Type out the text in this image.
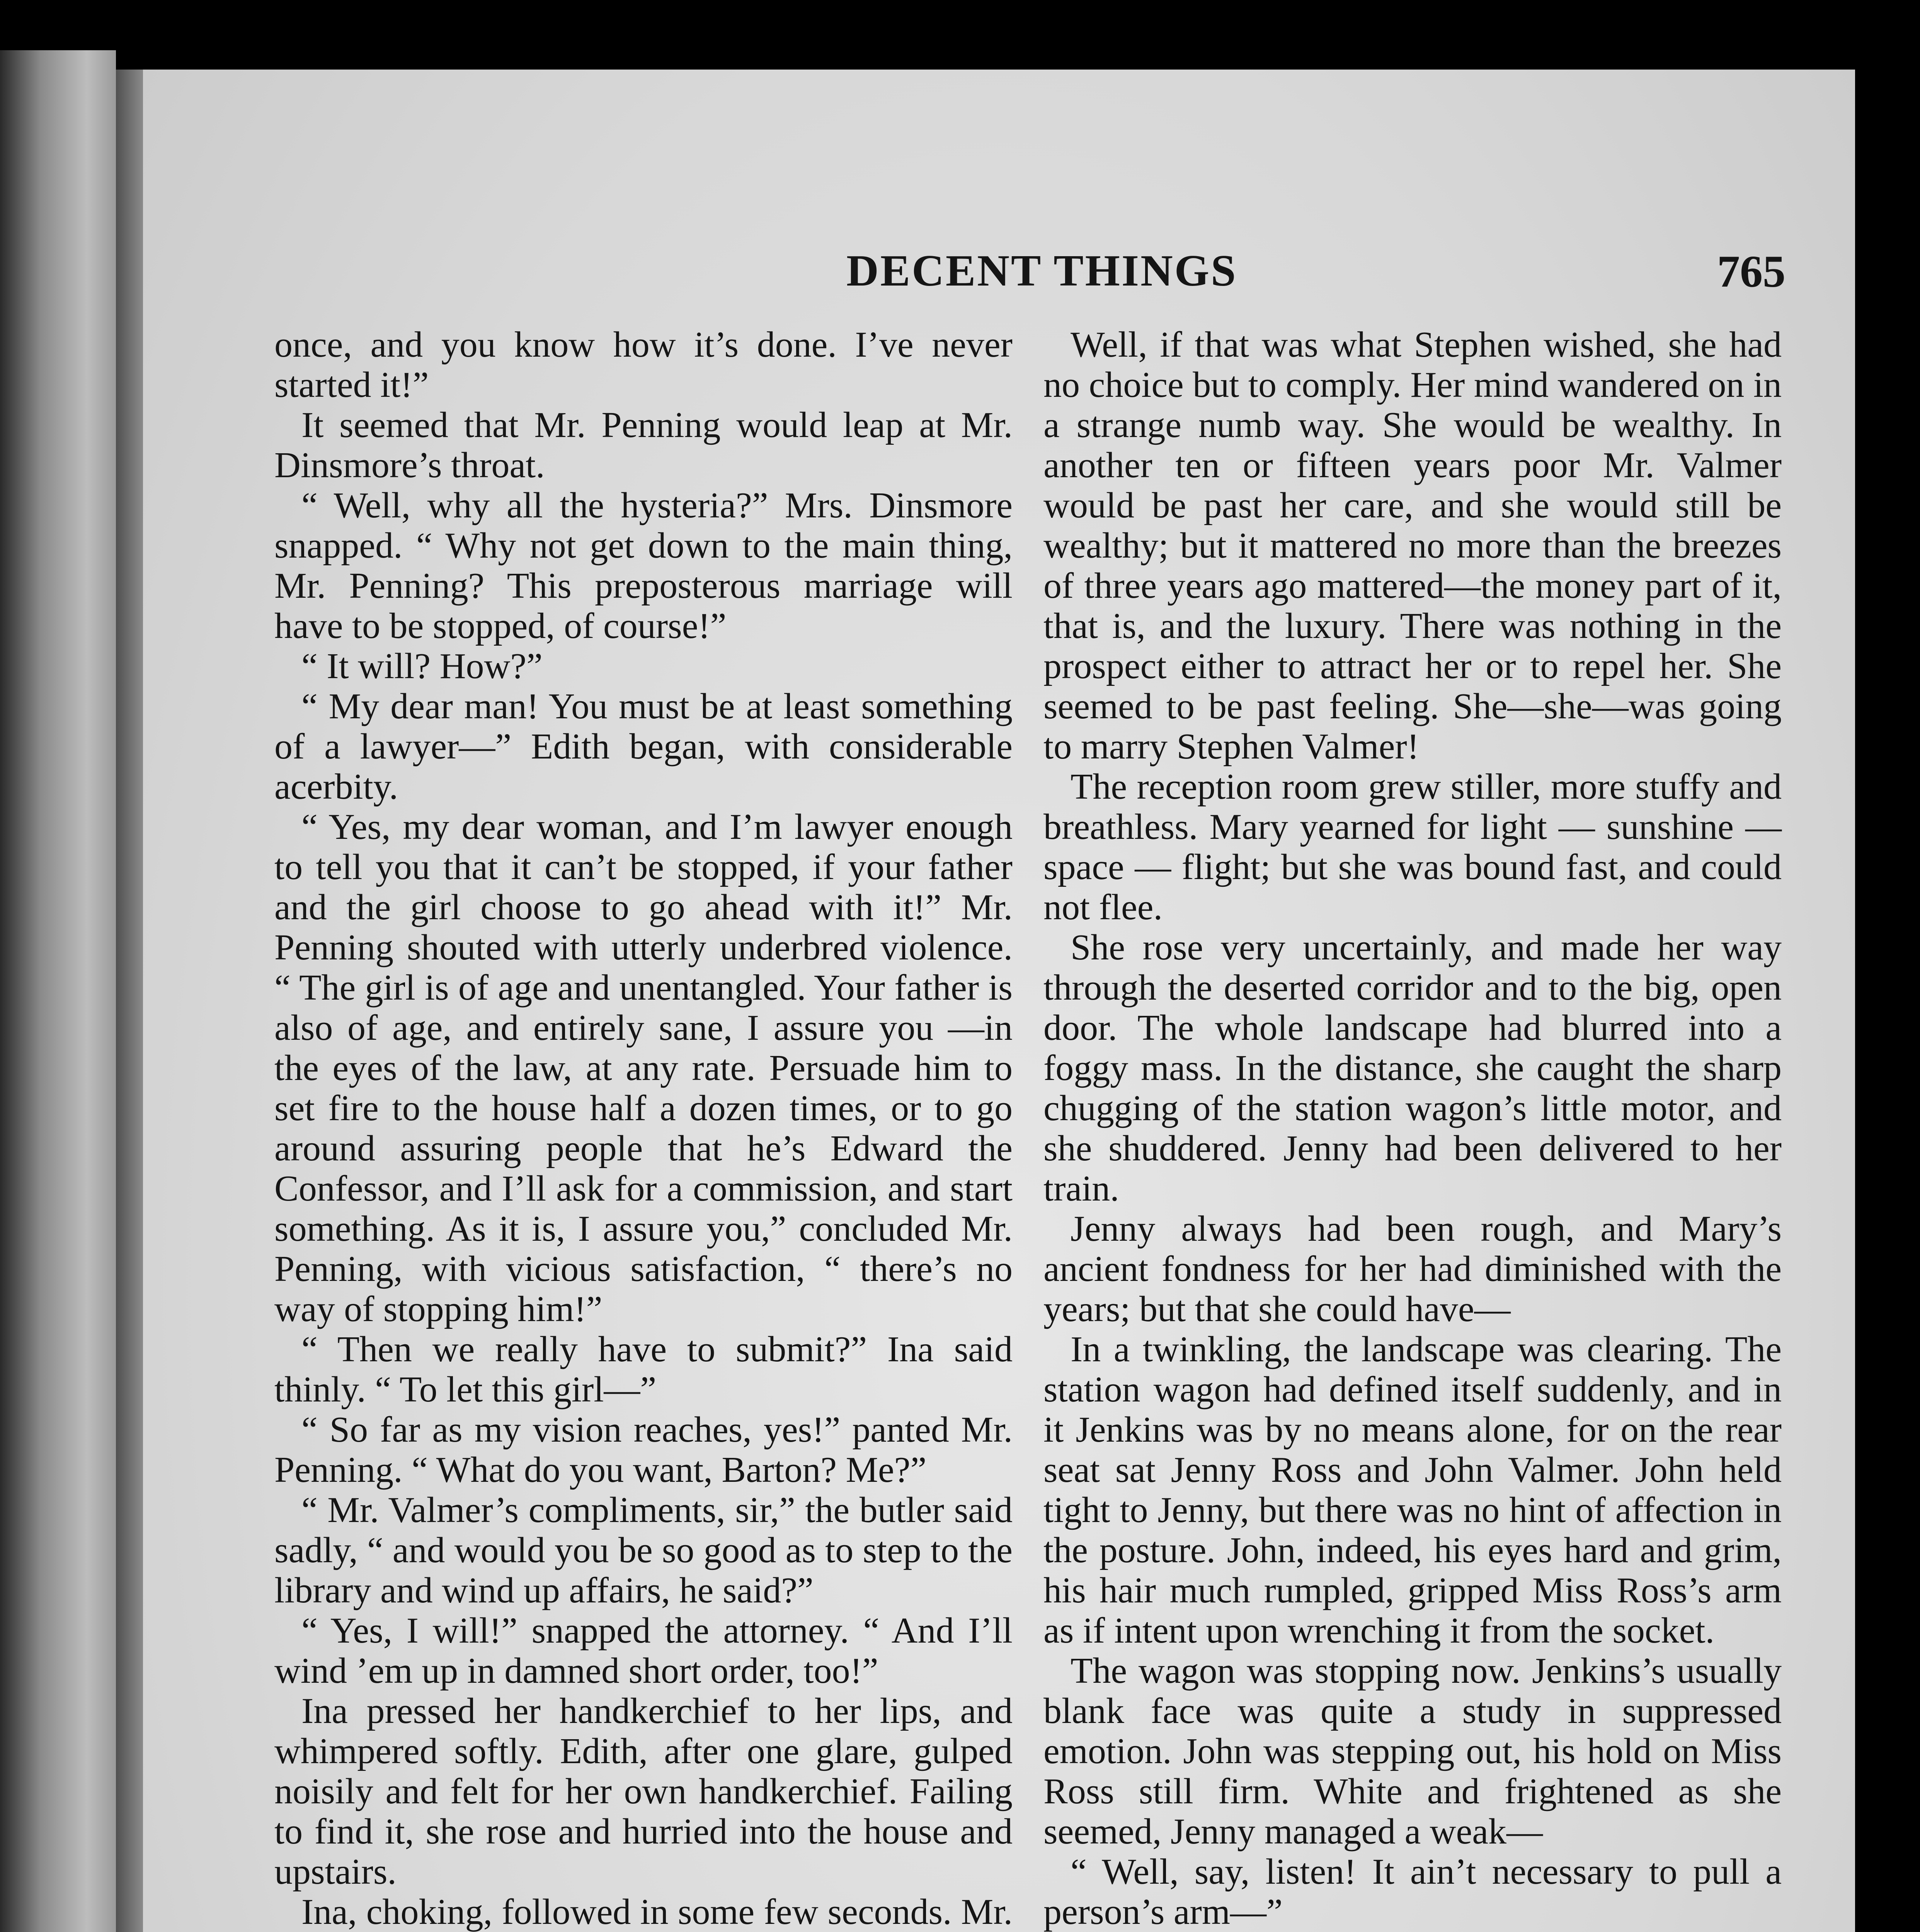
DECENT THINGS	765

once, and you know how it’s done. I’ve never started it!”

It seemed that Mr. Penning would leap at Mr. Dinsmore’s throat.

“ Well, why all the hysteria?” Mrs. Dinsmore snapped. “ Why not get down to the main thing, Mr. Penning? This preposterous marriage will have to be stopped, of course!”

“ It will? How?”

“ My dear man! You must be at least something of a lawyer—” Edith began, with considerable acerbity.

“ Yes, my dear woman, and I’m lawyer enough to tell you that it can’t be stopped, if your father and the girl choose to go ahead with it!” Mr. Penning shouted with utterly underbred violence. “ The girl is of age and unentangled. Your father is also of age, and entirely sane, I assure you —in the eyes of the law, at any rate. Persuade him to set fire to the house half a dozen times, or to go around assuring people that he’s Edward the Confessor, and I’ll ask for a commission, and start something. As it is, I assure you,” concluded Mr. Penning, with vicious satisfaction, “ there’s no way of stopping him!”

“ Then we really have to submit?” Ina said thinly. “ To let this girl—”

“ So far as my vision reaches, yes!” panted Mr. Penning. “ What do you want, Barton? Me?”

“ Mr. Valmer’s compliments, sir,” the butler said sadly, “ and would you be so good as to step to the library and wind up affairs, he said?”

“ Yes, I will!” snapped the attorney. “ And I’ll wind ’em up in damned short order, too!”

Ina pressed her handkerchief to her lips, and whimpered softly. Edith, after one glare, gulped noisily and felt for her own handkerchief. Failing to find it, she rose and hurried into the house and upstairs.

Ina, choking, followed in some few seconds. Mr.

Well, if that was what Stephen wished, she had no choice but to comply. Her mind wandered on in a strange numb way. She would be wealthy. In another ten or fifteen years poor Mr. Valmer would be past her care, and she would still be wealthy; but it mattered no more than the breezes of three years ago mattered—the money part of it, that is, and the luxury. There was nothing in the prospect either to attract her or to repel her. She seemed to be past feeling. She—she—was going to marry Stephen Valmer!

The reception room grew stiller, more stuffy and breathless. Mary yearned for light — sunshine — space — flight; but she was bound fast, and could not flee.

She rose very uncertainly, and made her way through the deserted corridor and to the big, open door. The whole landscape had blurred into a foggy mass. In the distance, she caught the sharp chugging of the station wagon’s little motor, and she shuddered. Jenny had been delivered to her train.

Jenny always had been rough, and Mary’s ancient fondness for her had diminished with the years; but that she could have—

In a twinkling, the landscape was clearing. The station wagon had defined itself suddenly, and in it Jenkins was by no means alone, for on the rear seat sat Jenny Ross and John Valmer. John held tight to Jenny, but there was no hint of affection in the posture. John, indeed, his eyes hard and grim, his hair much rumpled, gripped Miss Ross’s arm as if intent upon wrenching it from the socket.

The wagon was stopping now. Jenkins’s usually blank face was quite a study in suppressed emotion. John was stepping out, his hold on Miss Ross still firm. White and frightened as she seemed, Jenny managed a weak—

“ Well, say, listen! It ain’t necessary to pull a person’s arm—”
